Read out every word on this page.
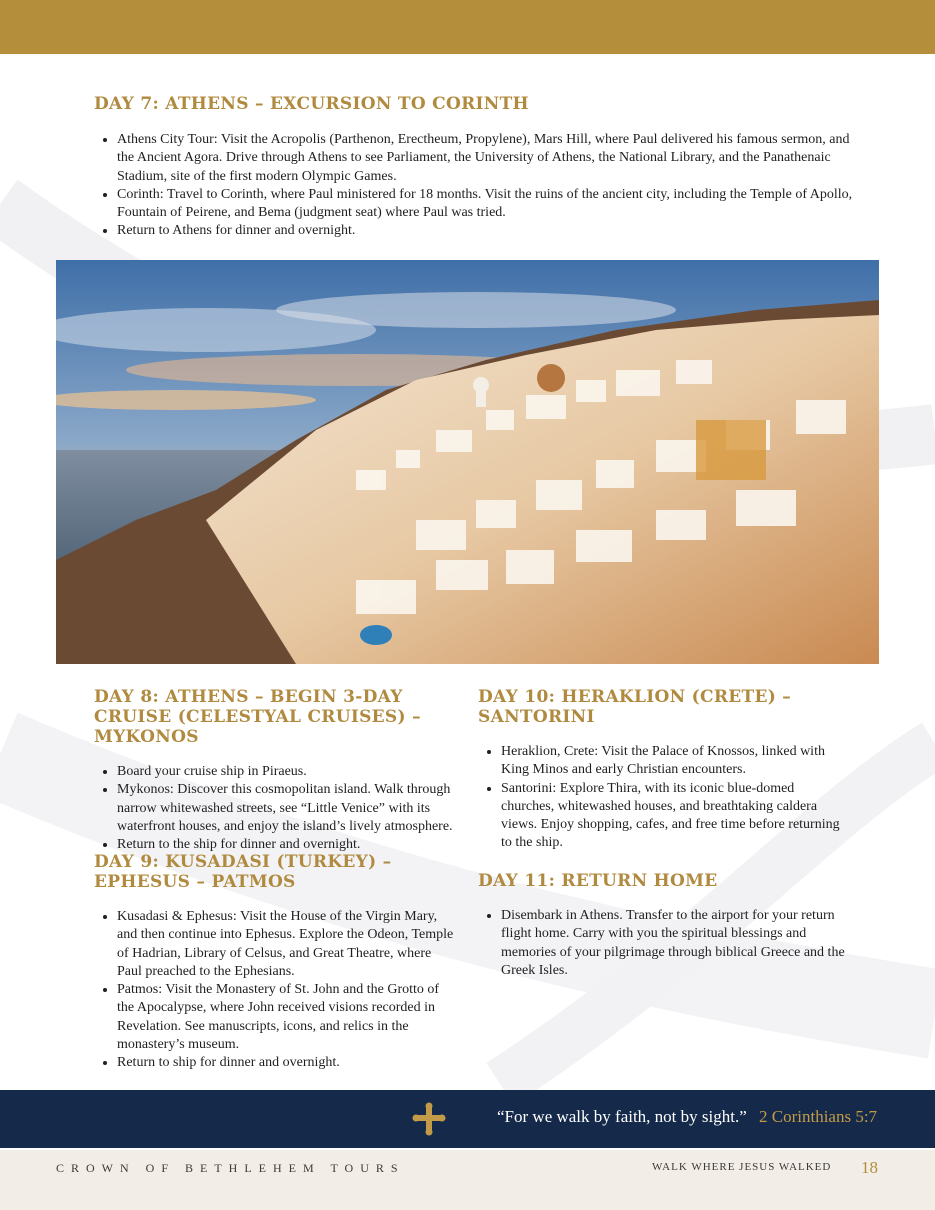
DAY 7: ATHENS – EXCURSION TO CORINTH
• Athens City Tour: Visit the Acropolis (Parthenon, Erectheum, Propylene), Mars Hill, where Paul delivered his famous sermon, and the Ancient Agora. Drive through Athens to see Parliament, the University of Athens, the National Library, and the Panathenaic Stadium, site of the first modern Olympic Games.
• Corinth: Travel to Corinth, where Paul ministered for 18 months. Visit the ruins of the ancient city, including the Temple of Apollo, Fountain of Peirene, and Bema (judgment seat) where Paul was tried.
• Return to Athens for dinner and overnight.
DAY 8: ATHENS – BEGIN 3-DAY CRUISE (CELESTYAL CRUISES) – MYKONOS
• Board your cruise ship in Piraeus.
• Mykonos: Discover this cosmopolitan island. Walk through narrow whitewashed streets, see “Little Venice” with its waterfront houses, and enjoy the island’s lively atmosphere.
• Return to the ship for dinner and overnight.
DAY 9: KUSADASI (TURKEY) – EPHESUS – PATMOS
• Kusadasi & Ephesus: Visit the House of the Virgin Mary, and then continue into Ephesus. Explore the Odeon, Temple of Hadrian, Library of Celsus, and Great Theatre, where Paul preached to the Ephesians.
• Patmos: Visit the Monastery of St. John and the Grotto of the Apocalypse, where John received visions recorded in Revelation. See manuscripts, icons, and relics in the monastery’s museum.
• Return to ship for dinner and overnight.
DAY 10: HERAKLION (CRETE) – SANTORINI
• Heraklion, Crete: Visit the Palace of Knossos, linked with King Minos and early Christian encounters.
• Santorini: Explore Thira, with its iconic blue-domed churches, whitewashed houses, and breathtaking caldera views. Enjoy shopping, cafes, and free time before returning to the ship.
DAY 11: RETURN HOME
• Disembark in Athens. Transfer to the airport for your return flight home. Carry with you the spiritual blessings and memories of your pilgrimage through biblical Greece and the Greek Isles.
“For we walk by faith, not by sight.” 2 Corinthians 5:7
CROWN OF BETHLEHEM TOURS	WALK WHERE JESUS WALKED 18
